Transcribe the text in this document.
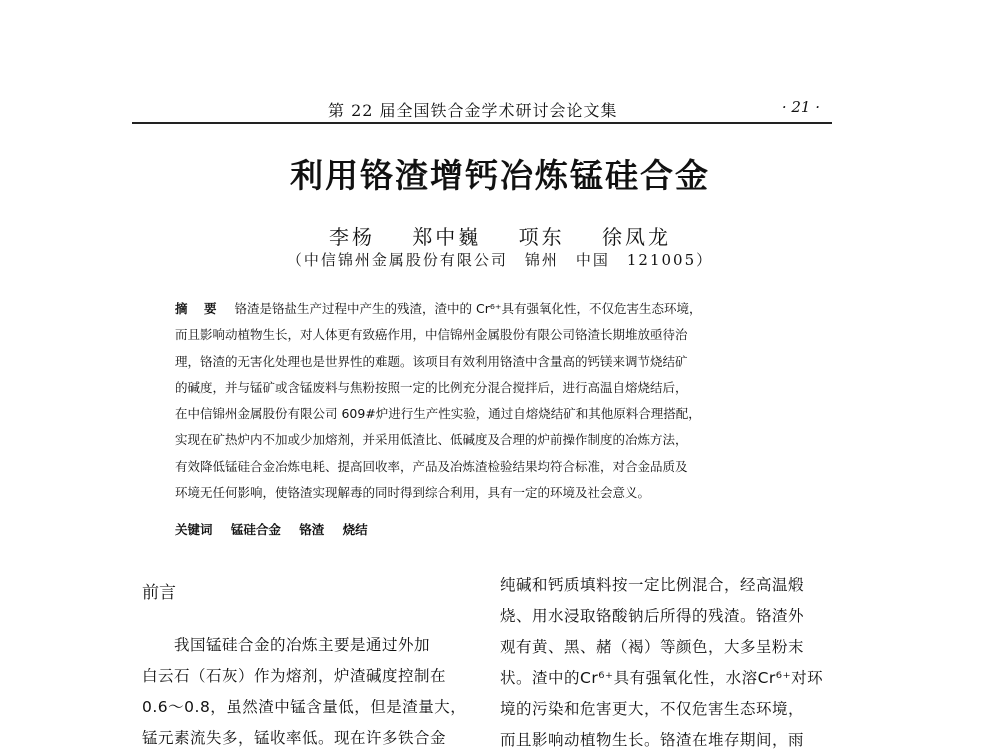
第 22 届全国铁合金学术研讨会论文集	· 21 ·
利用铬渣增钙冶炼锰硅合金
李杨 郑中巍 项东 徐凤龙
（中信锦州金属股份有限公司　锦州　中国　121005）
摘　要 铬渣是铬盐生产过程中产生的残渣，渣中的 Cr⁶⁺具有强氧化性，不仅危害生态环境，
而且影响动植物生长，对人体更有致癌作用，中信锦州金属股份有限公司铬渣长期堆放亟待治
理，铬渣的无害化处理也是世界性的难题。该项目有效利用铬渣中含量高的钙镁来调节烧结矿
的碱度，并与锰矿或含锰废料与焦粉按照一定的比例充分混合搅拌后，进行高温自熔烧结后，
在中信锦州金属股份有限公司 609#炉进行生产性实验，通过自熔烧结矿和其他原料合理搭配，
实现在矿热炉内不加或少加熔剂，并采用低渣比、低碱度及合理的炉前操作制度的冶炼方法，
有效降低锰硅合金冶炼电耗、提高回收率，产品及冶炼渣检验结果均符合标准，对合金品质及
环境无任何影响，使铬渣实现解毒的同时得到综合利用，具有一定的环境及社会意义。
关键词 锰硅合金 铬渣 烧结
前言
　　我国锰硅合金的冶炼主要是通过外加
白云石（石灰）作为熔剂，炉渣碱度控制在
0.6～0.8，虽然渣中锰含量低，但是渣量大，
锰元素流失多，锰收率低。现在许多铁合金
纯碱和钙质填料按一定比例混合，经高温煅
烧、用水浸取铬酸钠后所得的残渣。铬渣外
观有黄、黑、赭（褐）等颜色，大多呈粉末
状。渣中的Cr⁶⁺具有强氧化性，水溶Cr⁶⁺对环
境的污染和危害更大，不仅危害生态环境，
而且影响动植物生长。铬渣在堆存期间，雨
